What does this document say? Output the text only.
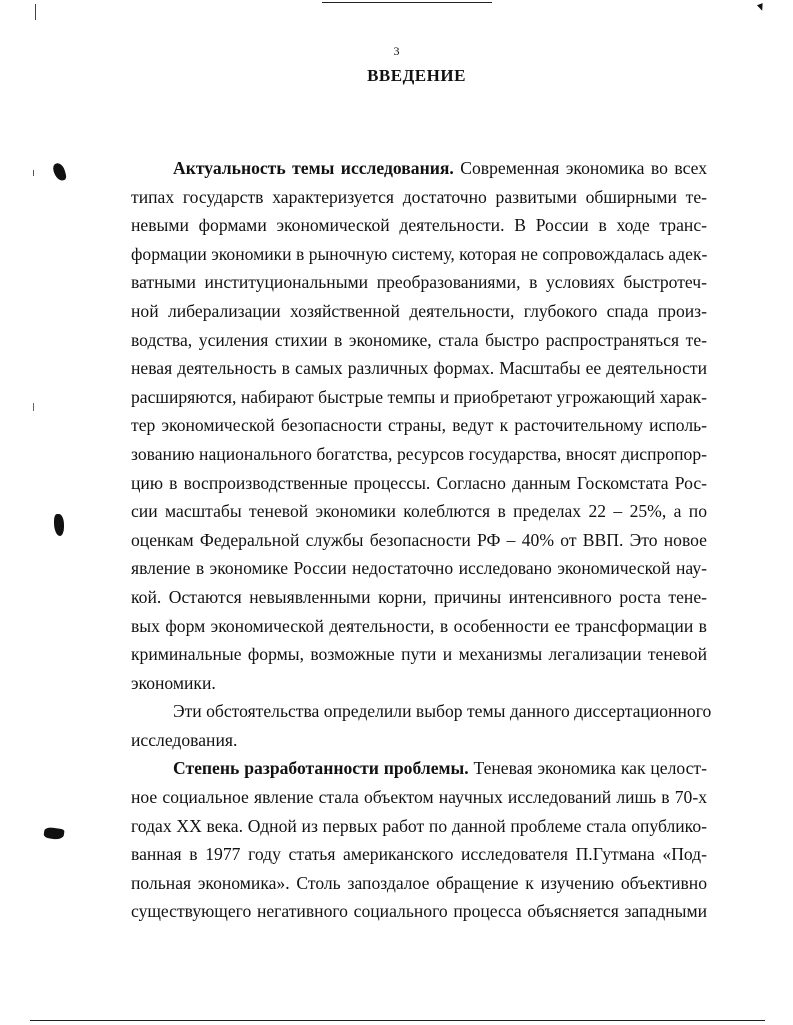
3
ВВЕДЕНИЕ
Актуальность темы исследования. Современная экономика во всех
типах государств характеризуется достаточно развитыми обширными те-
невыми формами экономической деятельности. В России в ходе транс-
формации экономики в рыночную систему, которая не сопровождалась адек-
ватными институциональными преобразованиями, в условиях быстротеч-
ной либерализации хозяйственной деятельности, глубокого спада произ-
водства, усиления стихии в экономике, стала быстро распространяться те-
невая деятельность в самых различных формах. Масштабы ее деятельности
расширяются, набирают быстрые темпы и приобретают угрожающий харак-
тер экономической безопасности страны, ведут к расточительному исполь-
зованию национального богатства, ресурсов государства, вносят диспропор-
цию в воспроизводственные процессы. Согласно данным Госкомстата Рос-
сии масштабы теневой экономики колеблются в пределах 22 – 25%, а по
оценкам Федеральной службы безопасности РФ – 40% от ВВП. Это новое
явление в экономике России недостаточно исследовано экономической нау-
кой. Остаются невыявленными корни, причины интенсивного роста тене-
вых форм экономической деятельности, в особенности ее трансформации в
криминальные формы, возможные пути и механизмы легализации теневой
экономики.
Эти обстоятельства определили выбор темы данного диссертационного
исследования.
Степень разработанности проблемы. Теневая экономика как целост-
ное социальное явление стала объектом научных исследований лишь в 70-х
годах XX века. Одной из первых работ по данной проблеме стала опублико-
ванная в 1977 году статья американского исследователя П.Гутмана «Под-
польная экономика». Столь запоздалое обращение к изучению объективно
существующего негативного социального процесса объясняется западными
